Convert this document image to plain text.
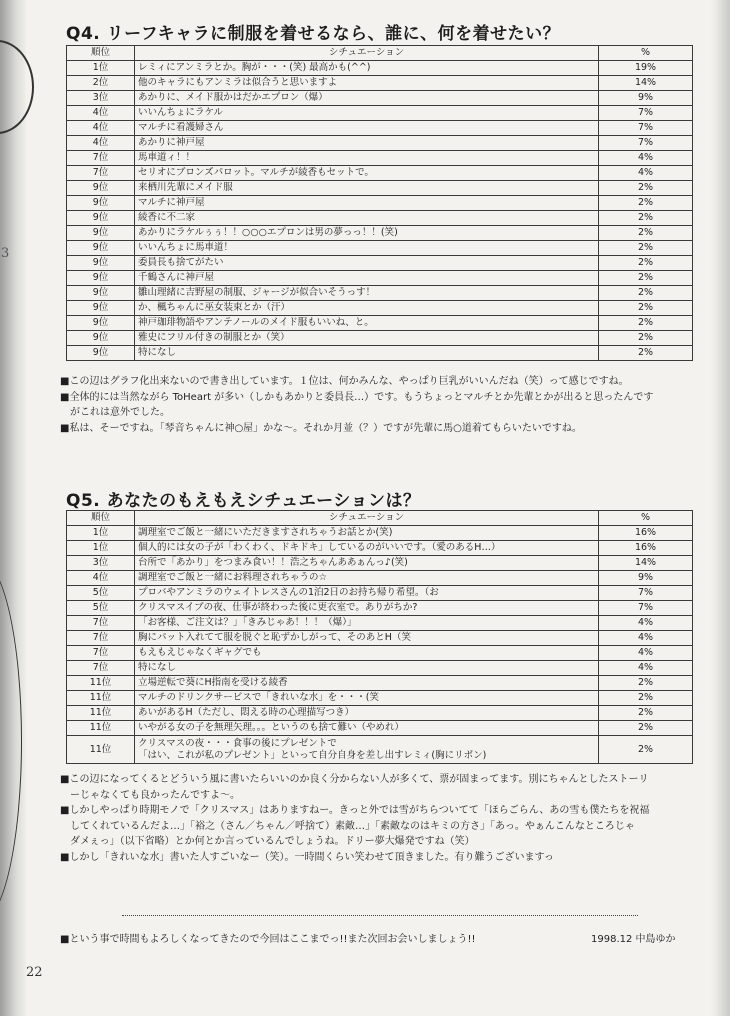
3
Q4. リーフキャラに制服を着せるなら、誰に、何を着せたい？
順位	シチュエーション	%
1位	レミィにアンミラとか。胸が・・・(笑) 最高かも(^^)	19%
2位	他のキャラにもアンミラは似合うと思いますよ	14%
3位	あかりに、メイド服かはだかエプロン（爆）	9%
4位	いいんちょにラケル	7%
4位	マルチに看護婦さん	7%
4位	あかりに神戸屋	7%
7位	馬車道ィ！！	4%
7位	セリオにブロンズパロット。マルチが綾香もセットで。	4%
9位	来栖川先輩にメイド服	2%
9位	マルチに神戸屋	2%
9位	綾香に不二家	2%
9位	あかりにラケルぅぅ！！○○○エプロンは男の夢っっ！！(笑)	2%
9位	いいんちょに馬車道！	2%
9位	委員長も捨てがたい	2%
9位	千鶴さんに神戸屋	2%
9位	雛山理緒に吉野屋の制服、ジャージが似合いそうっす！	2%
9位	か、楓ちゃんに巫女装束とか（汗）	2%
9位	神戸珈琲物語やアンテノールのメイド服もいいね、と。	2%
9位	雅史にフリル付きの制服とか（笑）	2%
9位	特になし	2%

■この辺はグラフ化出来ないので書き出しています。１位は、何かみんな、やっぱり巨乳がいいんだね（笑）って感じですね。

■全体的には当然ながら ToHeart が多い（しかもあかりと委員長…）です。もうちょっとマルチとか先輩とかが出ると思ったんです

　がこれは意外でした。

■私は、そーですね。「琴音ちゃんに神○屋」かな〜。それか月並（？）ですが先輩に馬○道着てもらいたいですね。

Q5. あなたのもえもえシチュエーションは？
順位	シチュエーション	%
1位	調理室でご飯と一緒にいただきますされちゃうお話とか(笑)	16%
1位	個人的には女の子が「わくわく、ドキドキ」しているのがいいです。（愛のあるH…）	16%
3位	台所で「あかり」をつまみ食い！！浩之ちゃんああぁんっ♪(笑)	14%
4位	調理室でご飯と一緒にお料理されちゃうの☆	9%
5位	プロバやアンミラのウェイトレスさんの1泊2日のお持ち帰り希望。（お	7%
5位	クリスマスイブの夜、仕事が終わった後に更衣室で。ありがちか?	7%
7位	「お客様、ご注文は？」「きみじゃあ！！！（爆）」	4%
7位	胸にパット入れてて服を脱ぐと恥ずかしがって、そのあとH（笑	4%
7位	もえもえじゃなくギャグでも	4%
7位	特になし	4%
11位	立場逆転で葵にH指南を受ける綾香	2%
11位	マルチのドリンクサービスで「きれいな水」を・・・(笑	2%
11位	あいがあるH（ただし、悶える時の心理描写つき）	2%
11位	いやがる女の子を無理矢理。。。というのも捨て難い（やめれ）	2%
11位	クリスマスの夜・・・食事の後にプレゼントで
「はい、これが私のプレゼント」といって自分自身を差し出すレミィ(胸にリボン)	2%

■この辺になってくるとどういう風に書いたらいいのか良く分からない人が多くて、票が固まってます。別にちゃんとしたストーリ

　ーじゃなくても良かったんですよ〜。

■しかしやっぱり時期モノで「クリスマス」はありますねー。きっと外では雪がちらついてて「ほらごらん、あの雪も僕たちを祝福

　してくれているんだよ…」「裕之（さん／ちゃん／呼捨て）素敵…」「素敵なのはキミの方さ」「あっ。やぁんこんなところじゃ

　ダメぇっ」（以下省略）とか何とか言っているんでしょうね。ドリー夢大爆発ですね（笑）

■しかし「きれいな水」書いた人すごいなー（笑）。一時間くらい笑わせて頂きました。有り難うございますっ

■という事で時間もよろしくなってきたので今回はここまでっ!!また次回お会いしましょう!!	1998.12 中島ゆか
22
